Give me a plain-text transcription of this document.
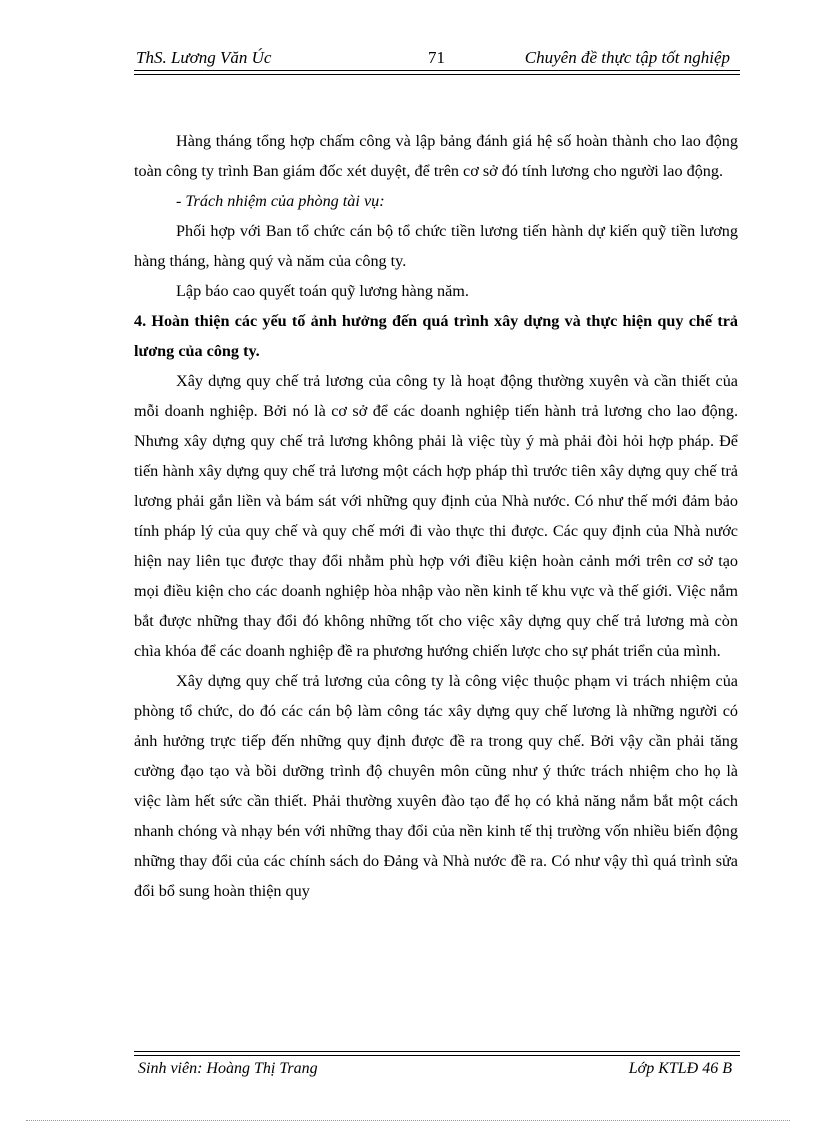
ThS. Lương Văn Úc	71	Chuyên đề thực tập tốt nghiệp

Hàng tháng tổng hợp chấm công và lập bảng đánh giá hệ số hoàn thành cho lao động toàn công ty trình Ban giám đốc xét duyệt, để trên cơ sở đó tính lương cho người lao động.

- Trách nhiệm của phòng tài vụ:

Phối hợp với Ban tổ chức cán bộ tổ chức tiền lương tiến hành dự kiến quỹ tiền lương hàng tháng, hàng quý và năm của công ty.

Lập báo cao quyết toán quỹ lương hàng năm.

4. Hoàn thiện các yếu tố ảnh hưởng đến quá trình xây dựng và thực hiện quy chế trả lương của công ty.

Xây dựng quy chế trả lương của công ty là hoạt động thường xuyên và cần thiết của mỗi doanh nghiệp. Bởi nó là cơ sở để các doanh nghiệp tiến hành trả lương cho lao động. Nhưng xây dựng quy chế trả lương không phải là việc tùy ý mà phải đòi hỏi hợp pháp. Để tiến hành xây dựng quy chế trả lương một cách hợp pháp thì trước tiên xây dựng quy chế trả lương phải gắn liền và bám sát với những quy định của Nhà nước. Có như thế mới đảm bảo tính pháp lý của quy chế và quy chế mới đi vào thực thi được. Các quy định của Nhà nước hiện nay liên tục được thay đổi nhằm phù hợp với điều kiện hoàn cảnh mới trên cơ sở tạo mọi điều kiện cho các doanh nghiệp hòa nhập vào nền kinh tế khu vực và thế giới. Việc nắm bắt được những thay đổi đó không những tốt cho việc xây dựng quy chế trả lương mà còn chìa khóa để các doanh nghiệp đề ra phương hướng chiến lược cho sự phát triển của mình.

Xây dựng quy chế trả lương của công ty là công việc thuộc phạm vi trách nhiệm của phòng tổ chức, do đó các cán bộ làm công tác xây dựng quy chế lương là những người có ảnh hưởng trực tiếp đến những quy định được đề ra trong quy chế. Bởi vậy cần phải tăng cường đạo tạo và bồi dưỡng trình độ chuyên môn cũng như ý thức trách nhiệm cho họ là việc làm hết sức cần thiết. Phải thường xuyên đào tạo để họ có khả năng nắm bắt một cách nhanh chóng và nhạy bén với những thay đổi của nền kinh tế thị trường vốn nhiều biến động những thay đổi của các chính sách do Đảng và Nhà nước đề ra. Có như vậy thì quá trình sửa đổi bổ sung hoàn thiện quy

Sinh viên: Hoàng Thị Trang	Lớp KTLĐ 46 B
